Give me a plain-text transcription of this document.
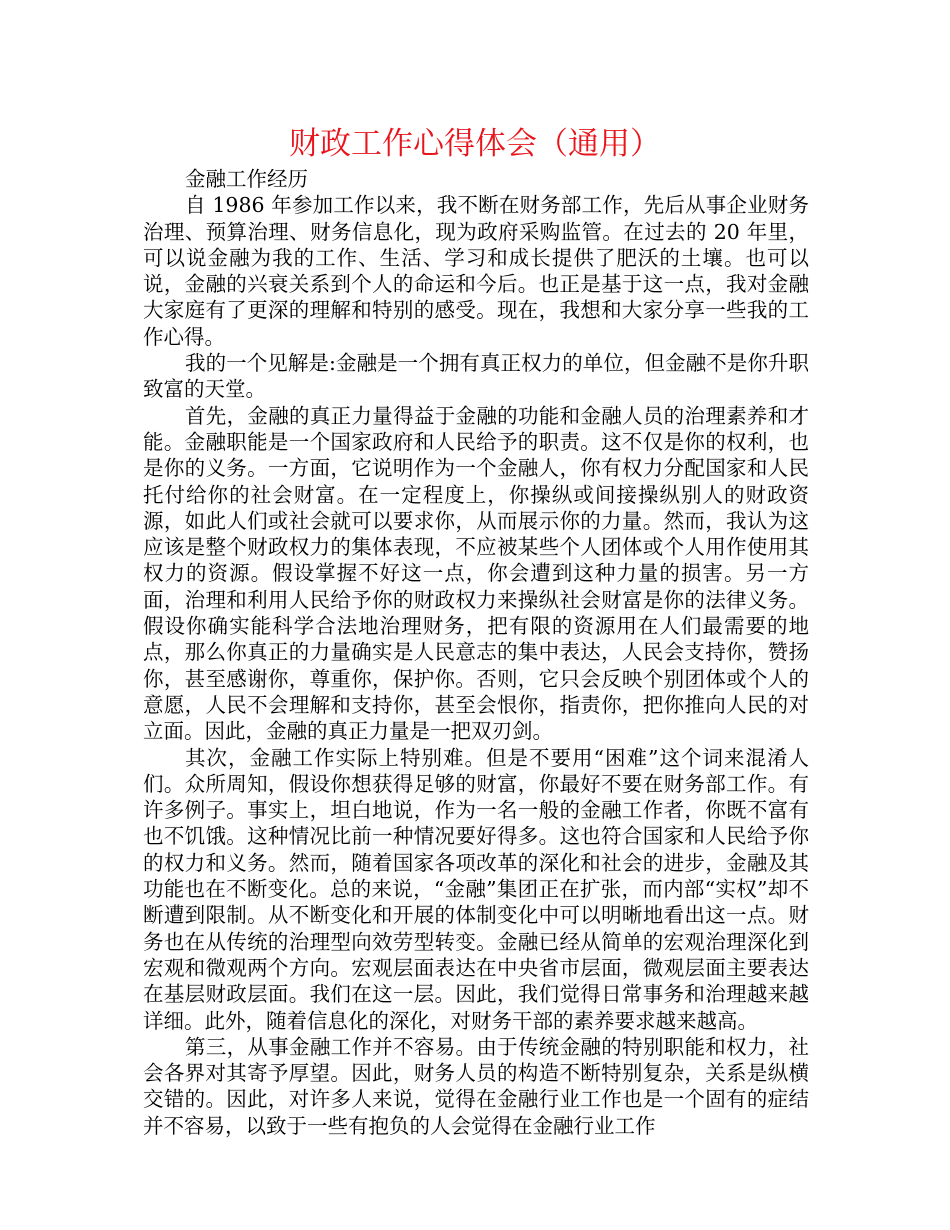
财政工作心得体会（通用）

金融工作经历

自 1986 年参加工作以来，我不断在财务部工作，先后从事企业财务治理、预算治理、财务信息化，现为政府采购监管。在过去的 20 年里，可以说金融为我的工作、生活、学习和成长提供了肥沃的土壤。也可以说，金融的兴衰关系到个人的命运和今后。也正是基于这一点，我对金融大家庭有了更深的理解和特别的感受。现在，我想和大家分享一些我的工作心得。

我的一个见解是:金融是一个拥有真正权力的单位，但金融不是你升职致富的天堂。

首先，金融的真正力量得益于金融的功能和金融人员的治理素养和才能。金融职能是一个国家政府和人民给予的职责。这不仅是你的权利，也是你的义务。一方面，它说明作为一个金融人，你有权力分配国家和人民托付给你的社会财富。在一定程度上，你操纵或间接操纵别人的财政资源，如此人们或社会就可以要求你，从而展示你的力量。然而，我认为这应该是整个财政权力的集体表现，不应被某些个人团体或个人用作使用其权力的资源。假设掌握不好这一点，你会遭到这种力量的损害。另一方面，治理和利用人民给予你的财政权力来操纵社会财富是你的法律义务。假设你确实能科学合法地治理财务，把有限的资源用在人们最需要的地点，那么你真正的力量确实是人民意志的集中表达，人民会支持你，赞扬你，甚至感谢你，尊重你，保护你。否则，它只会反映个别团体或个人的意愿，人民不会理解和支持你，甚至会恨你，指责你，把你推向人民的对立面。因此，金融的真正力量是一把双刃剑。

其次，金融工作实际上特别难。但是不要用“困难”这个词来混淆人们。众所周知，假设你想获得足够的财富，你最好不要在财务部工作。有许多例子。事实上，坦白地说，作为一名一般的金融工作者，你既不富有也不饥饿。这种情况比前一种情况要好得多。这也符合国家和人民给予你的权力和义务。然而，随着国家各项改革的深化和社会的进步，金融及其功能也在不断变化。总的来说，“金融”集团正在扩张，而内部“实权”却不断遭到限制。从不断变化和开展的体制变化中可以明晰地看出这一点。财务也在从传统的治理型向效劳型转变。金融已经从简单的宏观治理深化到宏观和微观两个方向。宏观层面表达在中央省市层面，微观层面主要表达在基层财政层面。我们在这一层。因此，我们觉得日常事务和治理越来越详细。此外，随着信息化的深化，对财务干部的素养要求越来越高。

第三，从事金融工作并不容易。由于传统金融的特别职能和权力，社会各界对其寄予厚望。因此，财务人员的构造不断特别复杂，关系是纵横交错的。因此，对许多人来说，觉得在金融行业工作也是一个固有的症结并不容易，以致于一些有抱负的人会觉得在金融行业工作
